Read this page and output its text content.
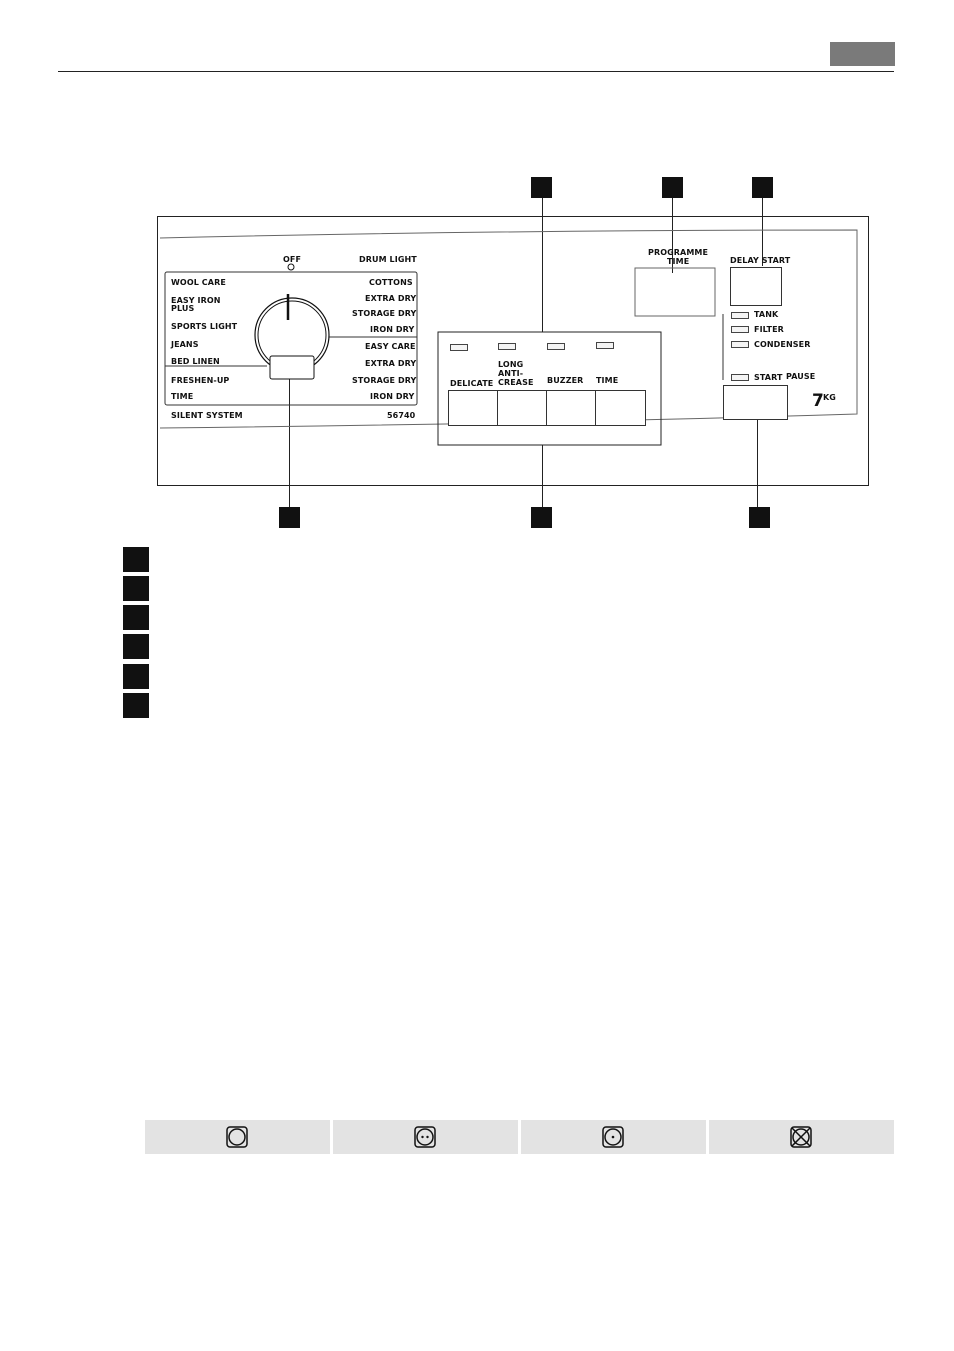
OFF
WOOL CARE
EASY IRON
PLUS
SPORTS LIGHT
JEANS
BED LINEN
FRESHEN-UP
TIME
DRUM LIGHT
COTTONS
EXTRA DRY
STORAGE DRY
IRON DRY
EASY CARE
EXTRA DRY
STORAGE DRY
IRON DRY
SILENT SYSTEM	56740
DELICATE
LONG
ANTI-
CREASE BUZZER TIME
PROGRAMME
TIME	DELAY START
TANK
FILTER
CONDENSER
START PAUSE
7 KG
